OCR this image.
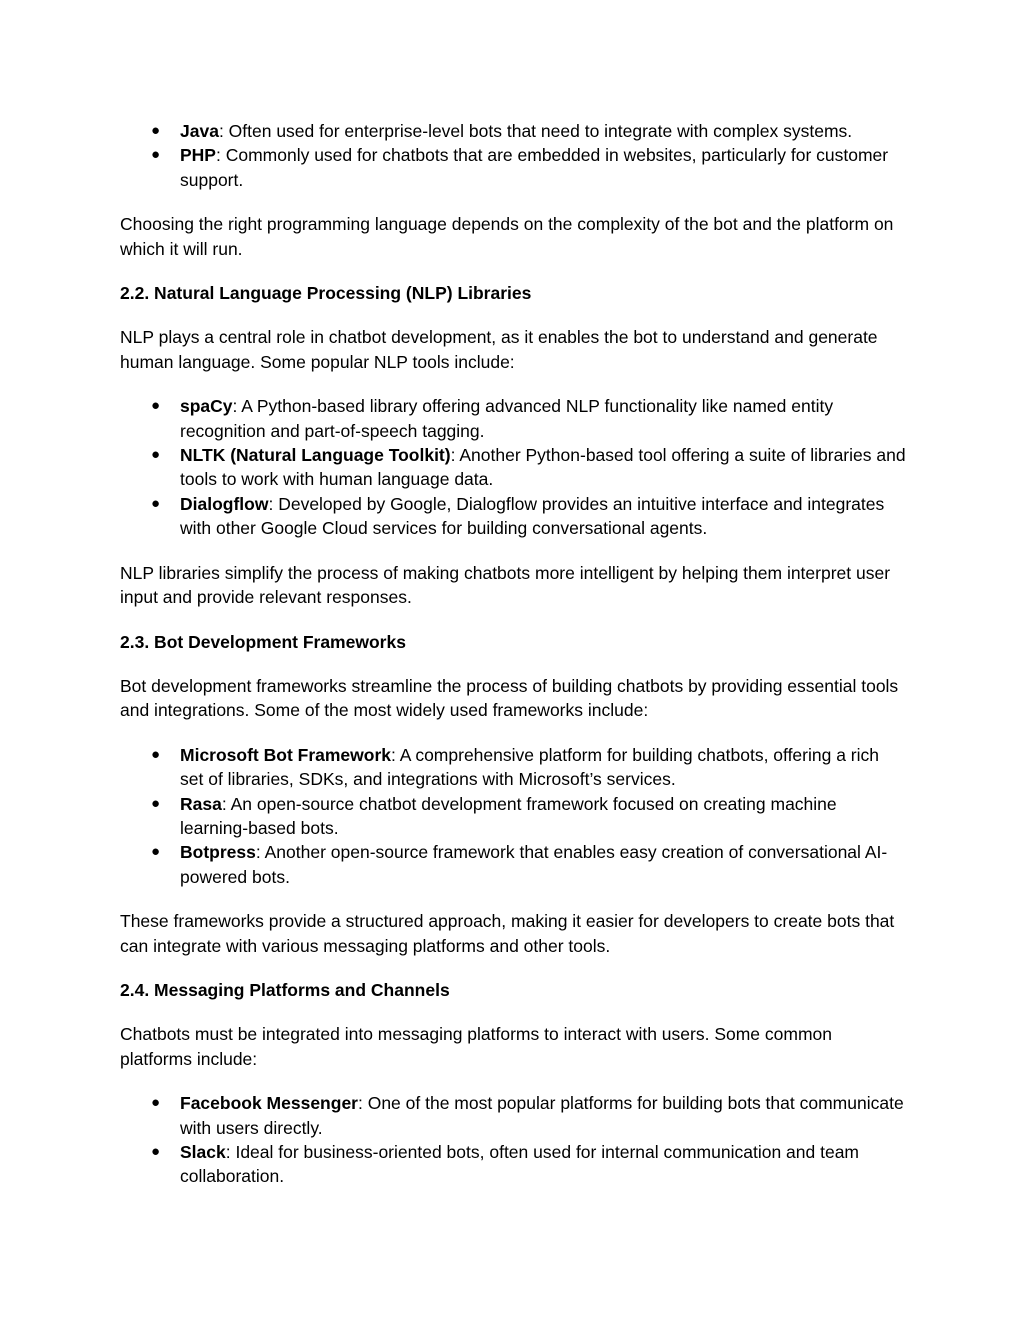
● Java: Often used for enterprise-level bots that need to integrate with complex systems.
● PHP: Commonly used for chatbots that are embedded in websites, particularly for customer support.

Choosing the right programming language depends on the complexity of the bot and the platform on which it will run.

2.2. Natural Language Processing (NLP) Libraries

NLP plays a central role in chatbot development, as it enables the bot to understand and generate human language. Some popular NLP tools include:

● spaCy: A Python-based library offering advanced NLP functionality like named entity recognition and part-of-speech tagging.
● NLTK (Natural Language Toolkit): Another Python-based tool offering a suite of libraries and tools to work with human language data.
● Dialogflow: Developed by Google, Dialogflow provides an intuitive interface and integrates with other Google Cloud services for building conversational agents.

NLP libraries simplify the process of making chatbots more intelligent by helping them interpret user input and provide relevant responses.

2.3. Bot Development Frameworks

Bot development frameworks streamline the process of building chatbots by providing essential tools and integrations. Some of the most widely used frameworks include:

● Microsoft Bot Framework: A comprehensive platform for building chatbots, offering a rich set of libraries, SDKs, and integrations with Microsoft’s services.
● Rasa: An open-source chatbot development framework focused on creating machine learning-based bots.
● Botpress: Another open-source framework that enables easy creation of conversational AI-powered bots.

These frameworks provide a structured approach, making it easier for developers to create bots that can integrate with various messaging platforms and other tools.

2.4. Messaging Platforms and Channels

Chatbots must be integrated into messaging platforms to interact with users. Some common platforms include:

● Facebook Messenger: One of the most popular platforms for building bots that communicate with users directly.
● Slack: Ideal for business-oriented bots, often used for internal communication and team collaboration.
